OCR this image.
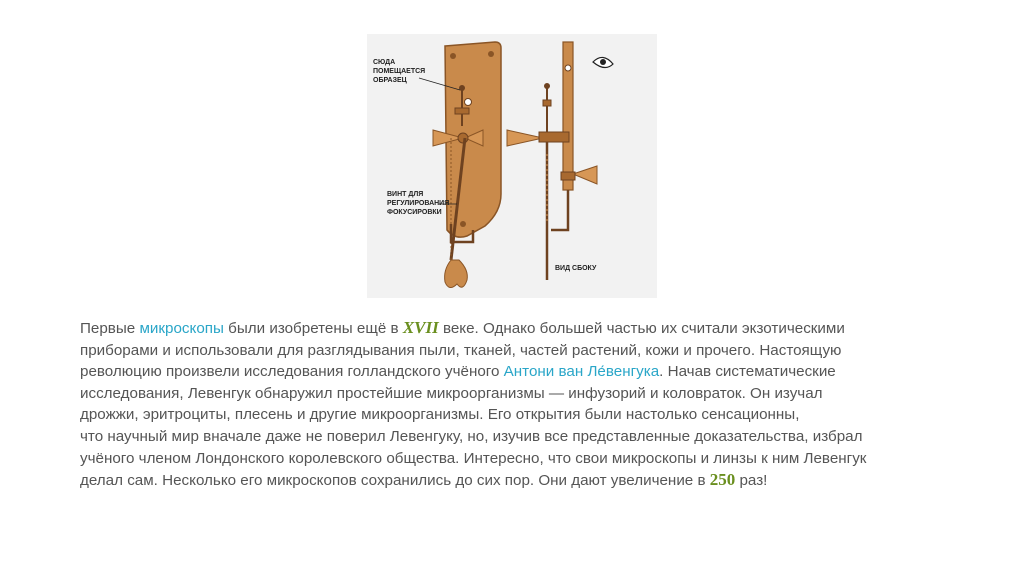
СЮДА
ПОМЕЩАЕТСЯ
ОБРАЗЕЦ
ВИНТ ДЛЯ
РЕГУЛИРОВАНИЯ
ФОКУСИРОВКИ
ВИД СБОКУ

Первые микроскопы были изобретены ещё в XVII веке. Однако большей частью их считали экзотическими
приборами и использовали для разглядывания пыли, тканей, частей растений, кожи и прочего. Настоящую
революцию произвели исследования голландского учёного Антони ван Ле́венгука. Начав систематические
исследования, Левенгук обнаружил простейшие микроорганизмы — инфузорий и коловраток. Он изучал
дрожжи, эритроциты, плесень и другие микроорганизмы. Его открытия были настолько сенсационны,
что научный мир вначале даже не поверил Левенгуку, но, изучив все представленные доказательства, избрал
учёного членом Лондонского королевского общества. Интересно, что свои микроскопы и линзы к ним Левенгук
делал сам. Несколько его микроскопов сохранились до сих пор. Они дают увеличение в 250 раз!
